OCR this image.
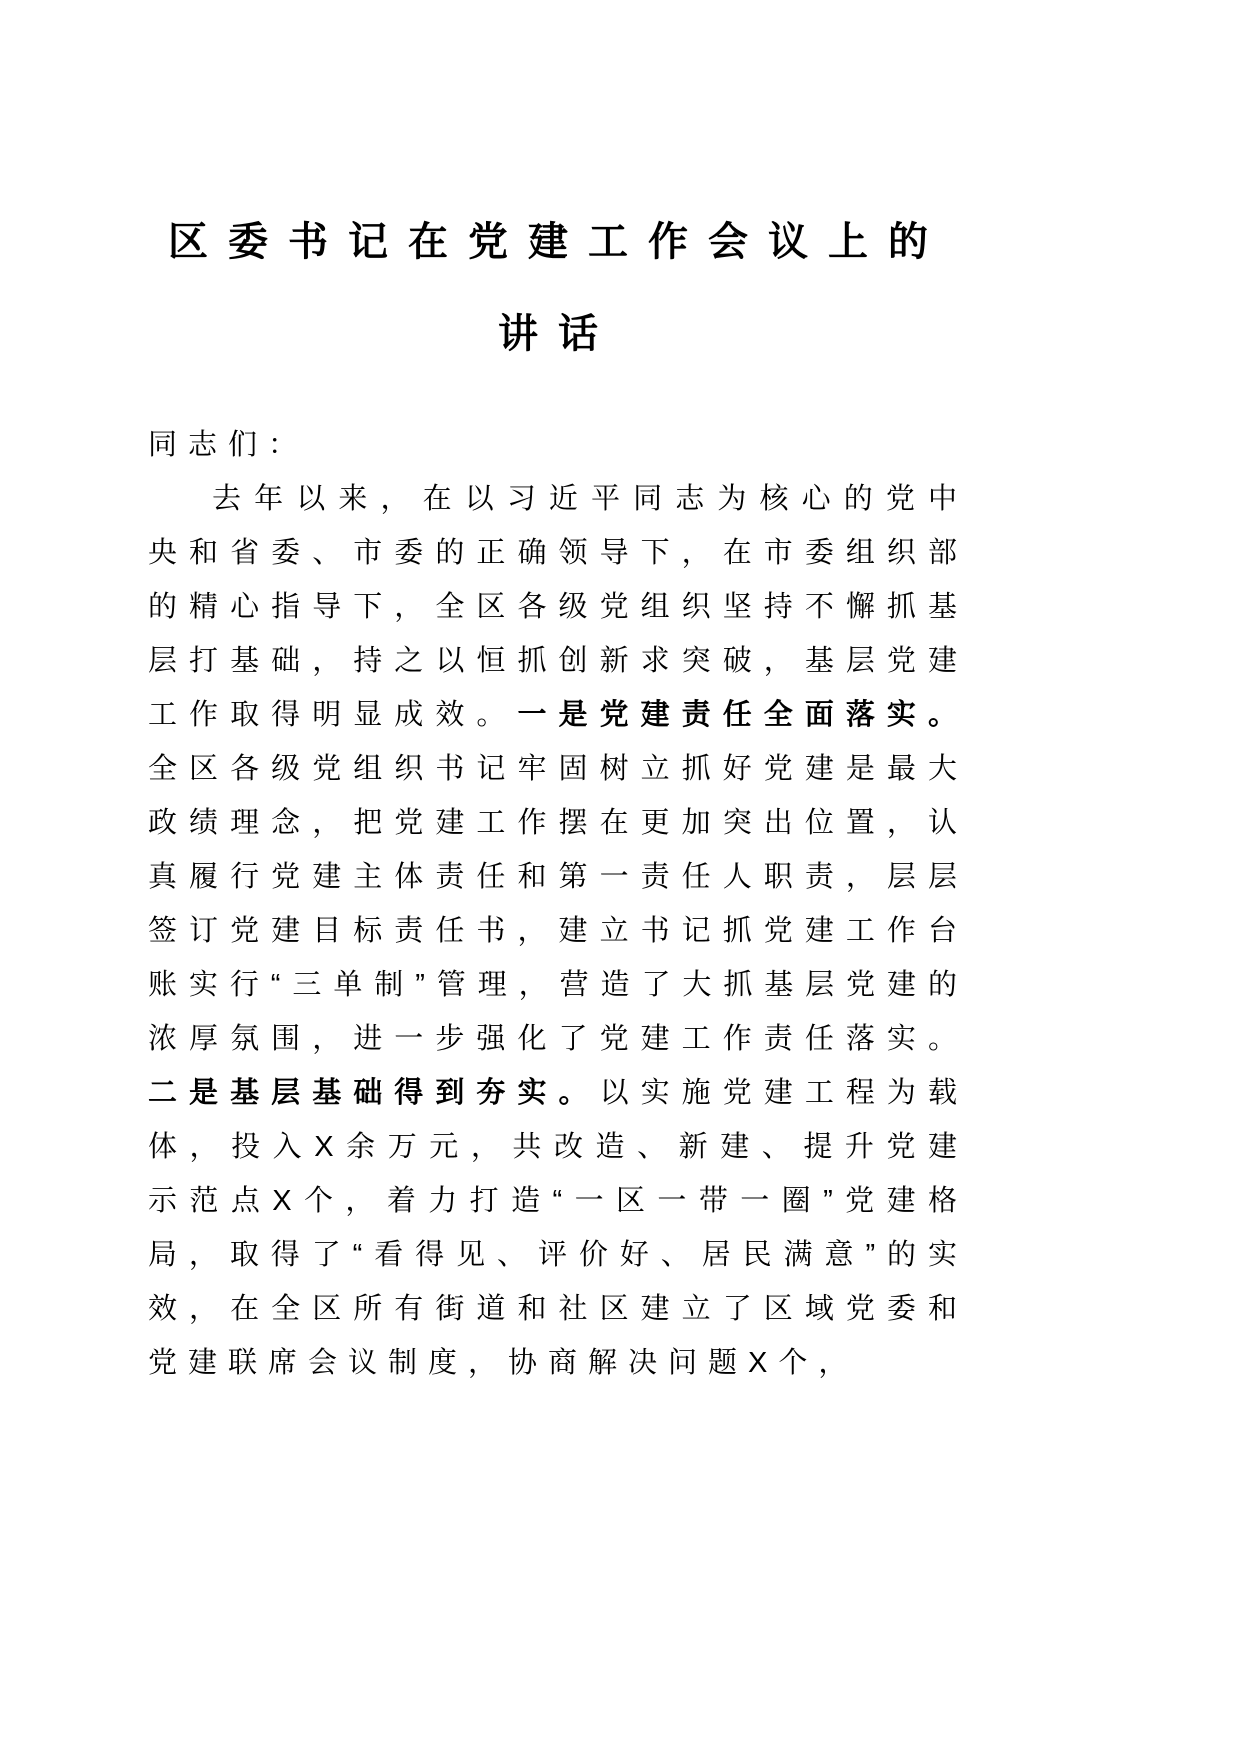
区委书记在党建工作会议上的
讲话

同志们：

去年以来，在以习近平同志为核心的党中央和省委、市委的正确领导下，在市委组织部的精心指导下，全区各级党组织坚持不懈抓基层打基础，持之以恒抓创新求突破，基层党建工作取得明显成效。一是党建责任全面落实。全区各级党组织书记牢固树立抓好党建是最大政绩理念，把党建工作摆在更加突出位置，认真履行党建主体责任和第一责任人职责，层层签订党建目标责任书，建立书记抓党建工作台账实行“三单制”管理，营造了大抓基层党建的浓厚氛围，进一步强化了党建工作责任落实。二是基层基础得到夯实。以实施党建工程为载体，投入X余万元，共改造、新建、提升党建示范点X个，着力打造“一区一带一圈”党建格局，取得了“看得见、评价好、居民满意”的实效，在全区所有街道和社区建立了区域党委和党建联席会议制度，协商解决问题X个，
